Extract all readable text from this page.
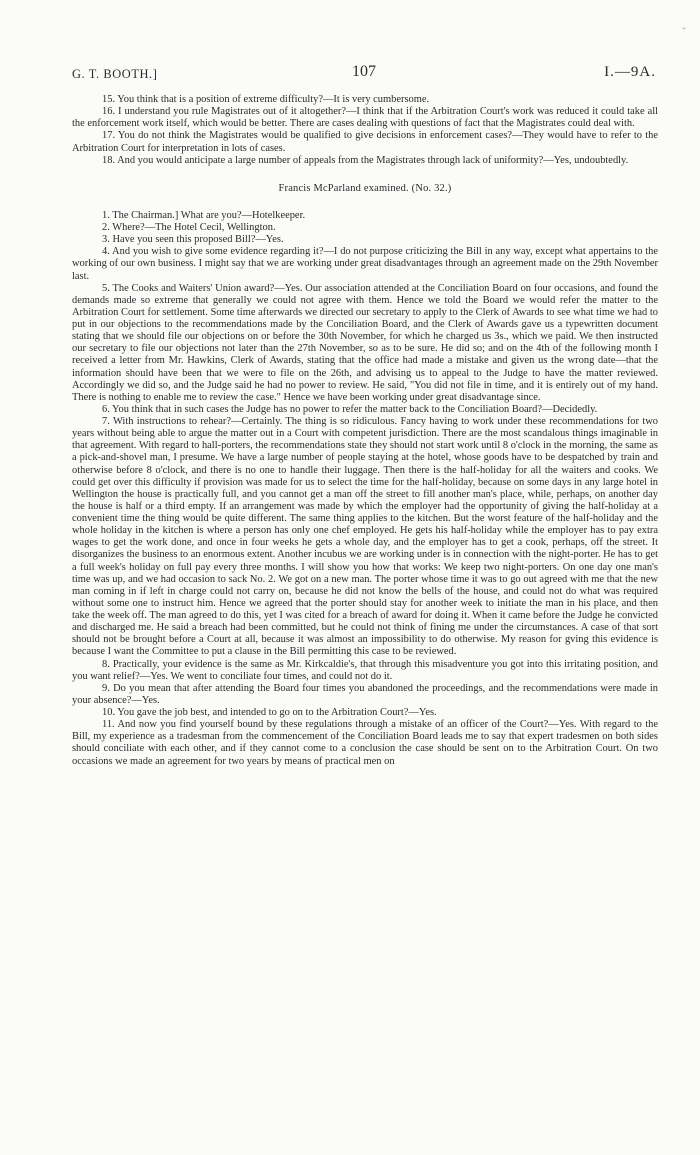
ˇ
G. T. BOOTH.]	107	I.—9A.

15. You think that is a position of extreme difficulty?—It is very cumbersome.

16. I understand you rule Magistrates out of it altogether?—I think that if the Arbitration Court's work was reduced it could take all the enforcement work itself, which would be better. There are cases dealing with questions of fact that the Magistrates could deal with.

17. You do not think the Magistrates would be qualified to give decisions in enforcement cases?—They would have to refer to the Arbitration Court for interpretation in lots of cases.

18. And you would anticipate a large number of appeals from the Magistrates through lack of uniformity?—Yes, undoubtedly.

Francis McParland examined. (No. 32.)

1. The Chairman.] What are you?—Hotelkeeper.

2. Where?—The Hotel Cecil, Wellington.

3. Have you seen this proposed Bill?—Yes.

4. And you wish to give some evidence regarding it?—I do not purpose criticizing the Bill in any way, except what appertains to the working of our own business. I might say that we are working under great disadvantages through an agreement made on the 29th November last.

5. The Cooks and Waiters' Union award?—Yes. Our association attended at the Conciliation Board on four occasions, and found the demands made so extreme that generally we could not agree with them. Hence we told the Board we would refer the matter to the Arbitration Court for settlement. Some time afterwards we directed our secretary to apply to the Clerk of Awards to see what time we had to put in our objections to the recommendations made by the Conciliation Board, and the Clerk of Awards gave us a typewritten document stating that we should file our objections on or before the 30th November, for which he charged us 3s., which we paid. We then instructed our secretary to file our objections not later than the 27th November, so as to be sure. He did so; and on the 4th of the following month I received a letter from Mr. Hawkins, Clerk of Awards, stating that the office had made a mistake and given us the wrong date—that the information should have been that we were to file on the 26th, and advising us to appeal to the Judge to have the matter reviewed. Accordingly we did so, and the Judge said he had no power to review. He said, "You did not file in time, and it is entirely out of my hand. There is nothing to enable me to review the case." Hence we have been working under great disadvantage since.

6. You think that in such cases the Judge has no power to refer the matter back to the Conciliation Board?—Decidedly.

7. With instructions to rehear?—Certainly. The thing is so ridiculous. Fancy having to work under these recommendations for two years without being able to argue the matter out in a Court with competent jurisdiction. There are the most scandalous things imaginable in that agreement. With regard to hall-porters, the recommendations state they should not start work until 8 o'clock in the morning, the same as a pick-and-shovel man, I presume. We have a large number of people staying at the hotel, whose goods have to be despatched by train and otherwise before 8 o'clock, and there is no one to handle their luggage. Then there is the half-holiday for all the waiters and cooks. We could get over this difficulty if provision was made for us to select the time for the half-holiday, because on some days in any large hotel in Wellington the house is practically full, and you cannot get a man off the street to fill another man's place, while, perhaps, on another day the house is half or a third empty. If an arrangement was made by which the employer had the opportunity of giving the half-holiday at a convenient time the thing would be quite different. The same thing applies to the kitchen. But the worst feature of the half-holiday and the whole holiday in the kitchen is where a person has only one chef employed. He gets his half-holiday while the employer has to pay extra wages to get the work done, and once in four weeks he gets a whole day, and the employer has to get a cook, perhaps, off the street. It disorganizes the business to an enormous extent. Another incubus we are working under is in connection with the night-porter. He has to get a full week's holiday on full pay every three months. I will show you how that works: We keep two night-porters. On one day one man's time was up, and we had occasion to sack No. 2. We got on a new man. The porter whose time it was to go out agreed with me that the new man coming in if left in charge could not carry on, because he did not know the bells of the house, and could not do what was required without some one to instruct him. Hence we agreed that the porter should stay for another week to initiate the man in his place, and then take the week off. The man agreed to do this, yet I was cited for a breach of award for doing it. When it came before the Judge he convicted and discharged me. He said a breach had been committed, but he could not think of fining me under the circumstances. A case of that sort should not be brought before a Court at all, because it was almost an impossibility to do otherwise. My reason for gving this evidence is because I want the Committee to put a clause in the Bill permitting this case to be reviewed.

8. Practically, your evidence is the same as Mr. Kirkcaldie's, that through this misadventure you got into this irritating position, and you want relief?—Yes. We went to conciliate four times, and could not do it.

9. Do you mean that after attending the Board four times you abandoned the proceedings, and the recommendations were made in your absence?—Yes.

10. You gave the job best, and intended to go on to the Arbitration Court?—Yes.

11. And now you find yourself bound by these regulations through a mistake of an officer of the Court?—Yes. With regard to the Bill, my experience as a tradesman from the commencement of the Conciliation Board leads me to say that expert tradesmen on both sides should conciliate with each other, and if they cannot come to a conclusion the case should be sent on to the Arbitration Court. On two occasions we made an agreement for two years by means of practical men on
